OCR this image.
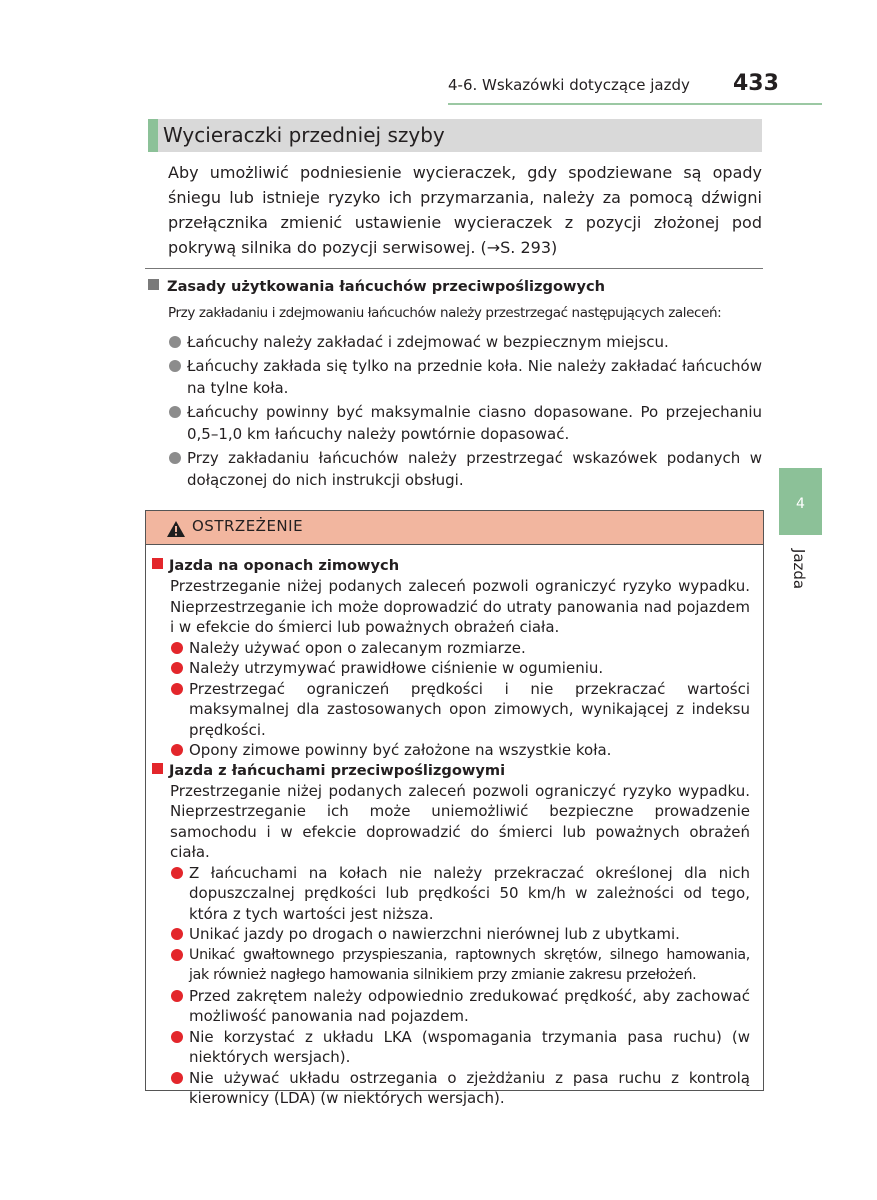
4-6. Wskazówki dotyczące jazdy 433
Wycieraczki przedniej szyby

Aby umożliwić podniesienie wycieraczek, gdy spodziewane są opady śniegu lub istnieje ryzyko ich przymarzania, należy za pomocą dźwigni przełącznika zmienić ustawienie wycieraczek z pozycji złożonej pod pokrywą silnika do pozycji serwisowej. (→S. 293)

Zasady użytkowania łańcuchów przeciwpoślizgowych
Przy zakładaniu i zdejmowaniu łańcuchów należy przestrzegać następujących zaleceń:
Łańcuchy należy zakładać i zdejmować w bezpiecznym miejscu.
Łańcuchy zakłada się tylko na przednie koła. Nie należy zakładać łańcuchów na tylne koła.
Łańcuchy powinny być maksymalnie ciasno dopasowane. Po przejechaniu 0,5–1,0 km łańcuchy należy powtórnie dopasować.
Przy zakładaniu łańcuchów należy przestrzegać wskazówek podanych w dołączonej do nich instrukcji obsługi.
4
Jazda
OSTRZEŻENIE
Jazda na oponach zimowych

Przestrzeganie niżej podanych zaleceń pozwoli ograniczyć ryzyko wypadku. Nieprzestrzeganie ich może doprowadzić do utraty panowania nad pojazdem i w efekcie do śmierci lub poważnych obrażeń ciała.

Należy używać opon o zalecanym rozmiarze.
Należy utrzymywać prawidłowe ciśnienie w ogumieniu.
Przestrzegać ograniczeń prędkości i nie przekraczać wartości maksymalnej dla zastosowanych opon zimowych, wynikającej z indeksu prędkości.
Opony zimowe powinny być założone na wszystkie koła.
Jazda z łańcuchami przeciwpoślizgowymi

Przestrzeganie niżej podanych zaleceń pozwoli ograniczyć ryzyko wypadku. Nieprzestrzeganie ich może uniemożliwić bezpieczne prowadzenie samochodu i w efekcie doprowadzić do śmierci lub poważnych obrażeń ciała.

Z łańcuchami na kołach nie należy przekraczać określonej dla nich dopuszczalnej prędkości lub prędkości 50 km/h w zależności od tego, która z tych wartości jest niższa.
Unikać jazdy po drogach o nawierzchni nierównej lub z ubytkami.
Unikać gwałtownego przyspieszania, raptownych skrętów, silnego hamowania, jak również nagłego hamowania silnikiem przy zmianie zakresu przełożeń.
Przed zakrętem należy odpowiednio zredukować prędkość, aby zachować możliwość panowania nad pojazdem.
Nie korzystać z układu LKA (wspomagania trzymania pasa ruchu) (w niektórych wersjach).
Nie używać układu ostrzegania o zjeżdżaniu z pasa ruchu z kontrolą kierownicy (LDA) (w niektórych wersjach).
